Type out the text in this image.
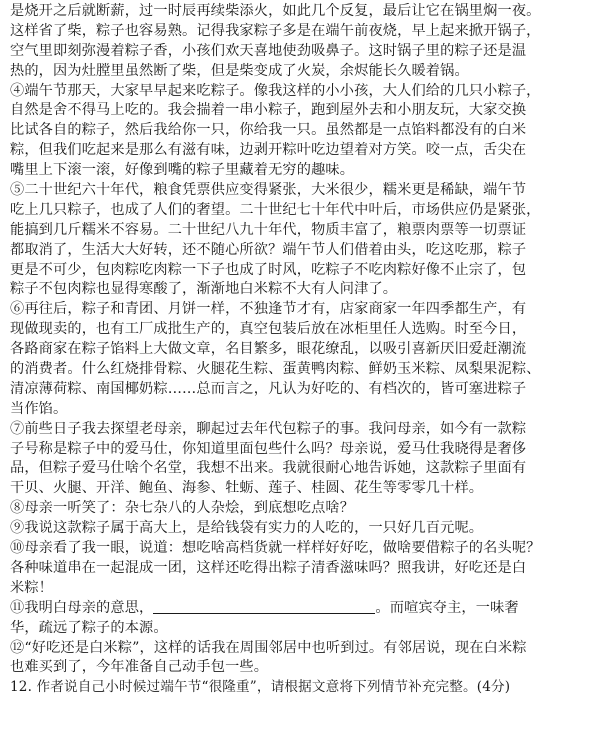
是烧开之后就断薪，过一时辰再续柴添火，如此几个反复，最后让它在锅里焖一夜。
这样省了柴，粽子也容易熟。记得我家粽子多是在端午前夜烧，早上起来掀开锅子，
空气里即刻弥漫着粽子香，小孩们欢天喜地使劲吸鼻子。这时锅子里的粽子还是温
热的，因为灶膛里虽然断了柴，但是柴变成了火炭，余烬能长久暖着锅。
④端午节那天，大家早早起来吃粽子。像我这样的小小孩，大人们给的几只小粽子，
自然是舍不得马上吃的。我会揣着一串小粽子，跑到屋外去和小朋友玩，大家交换
比试各自的粽子，然后我给你一只，你给我一只。虽然都是一点馅料都没有的白米
粽，但我们吃起来是那么有滋有味，边剥开粽叶吃边望着对方笑。咬一点，舌尖在
嘴里上下滚一滚，好像到嘴的粽子里藏着无穷的趣味。
⑤二十世纪六十年代，粮食凭票供应变得紧张，大米很少，糯米更是稀缺，端午节
吃上几只粽子，也成了人们的奢望。二十世纪七十年代中叶后，市场供应仍是紧张，
能搞到几斤糯米不容易。二十世纪八九十年代，物质丰富了，粮票肉票等一切票证
都取消了，生活大大好转，还不随心所欲？端午节人们借着由头，吃这吃那，粽子
更是不可少，包肉粽吃肉粽一下子也成了时风，吃粽子不吃肉粽好像不止宗了，包
粽子不包肉粽也显得寒酸了，渐渐地白米粽不大有人问津了。
⑥再往后，粽子和青团、月饼一样，不独逢节才有，店家商家一年四季都生产，有
现做现卖的，也有工厂成批生产的，真空包装后放在冰柜里任人选购。时至今日，
各路商家在粽子馅料上大做文章，名目繁多，眼花缭乱，以吸引喜新厌旧爱赶潮流
的消费者。什么红烧排骨粽、火腿花生粽、蛋黄鸭肉粽、鲜奶玉米粽、凤梨果泥粽、
清凉薄荷粽、南国椰奶粽……总而言之，凡认为好吃的、有档次的，皆可塞进粽子
当作馅。
⑦前些日子我去探望老母亲，聊起过去年代包粽子的事。我问母亲，如今有一款粽
子号称是粽子中的爱马仕，你知道里面包些什么吗？母亲说，爱马仕我晓得是奢侈
品，但粽子爱马仕啥个名堂，我想不出来。我就很耐心地告诉她，这款粽子里面有
干贝、火腿、开洋、鲍鱼、海参、牡蛎、莲子、桂圆、花生等零零几十样。
⑧母亲一听笑了：杂七杂八的人杂烩，到底想吃点啥？
⑨我说这款粽子属于高大上，是给钱袋有实力的人吃的，一只好几百元呢。
⑩母亲看了我一眼，说道：想吃啥高档货就一样样好好吃，做啥要借粽子的名头呢？
各种味道串在一起混成一团，这样还吃得出粽子清香滋味吗？照我讲，好吃还是白
米粽！
⑪我明白母亲的意思，	。而喧宾夺主，一味奢
华，疏远了粽子的本源。
⑫“好吃还是白米粽”，这样的话我在周围邻居中也听到过。有邻居说，现在白米粽
也难买到了，今年准备自己动手包一些。
12. 作者说自己小时候过端午节“很隆重”，请根据文意将下列情节补充完整。(4分)
